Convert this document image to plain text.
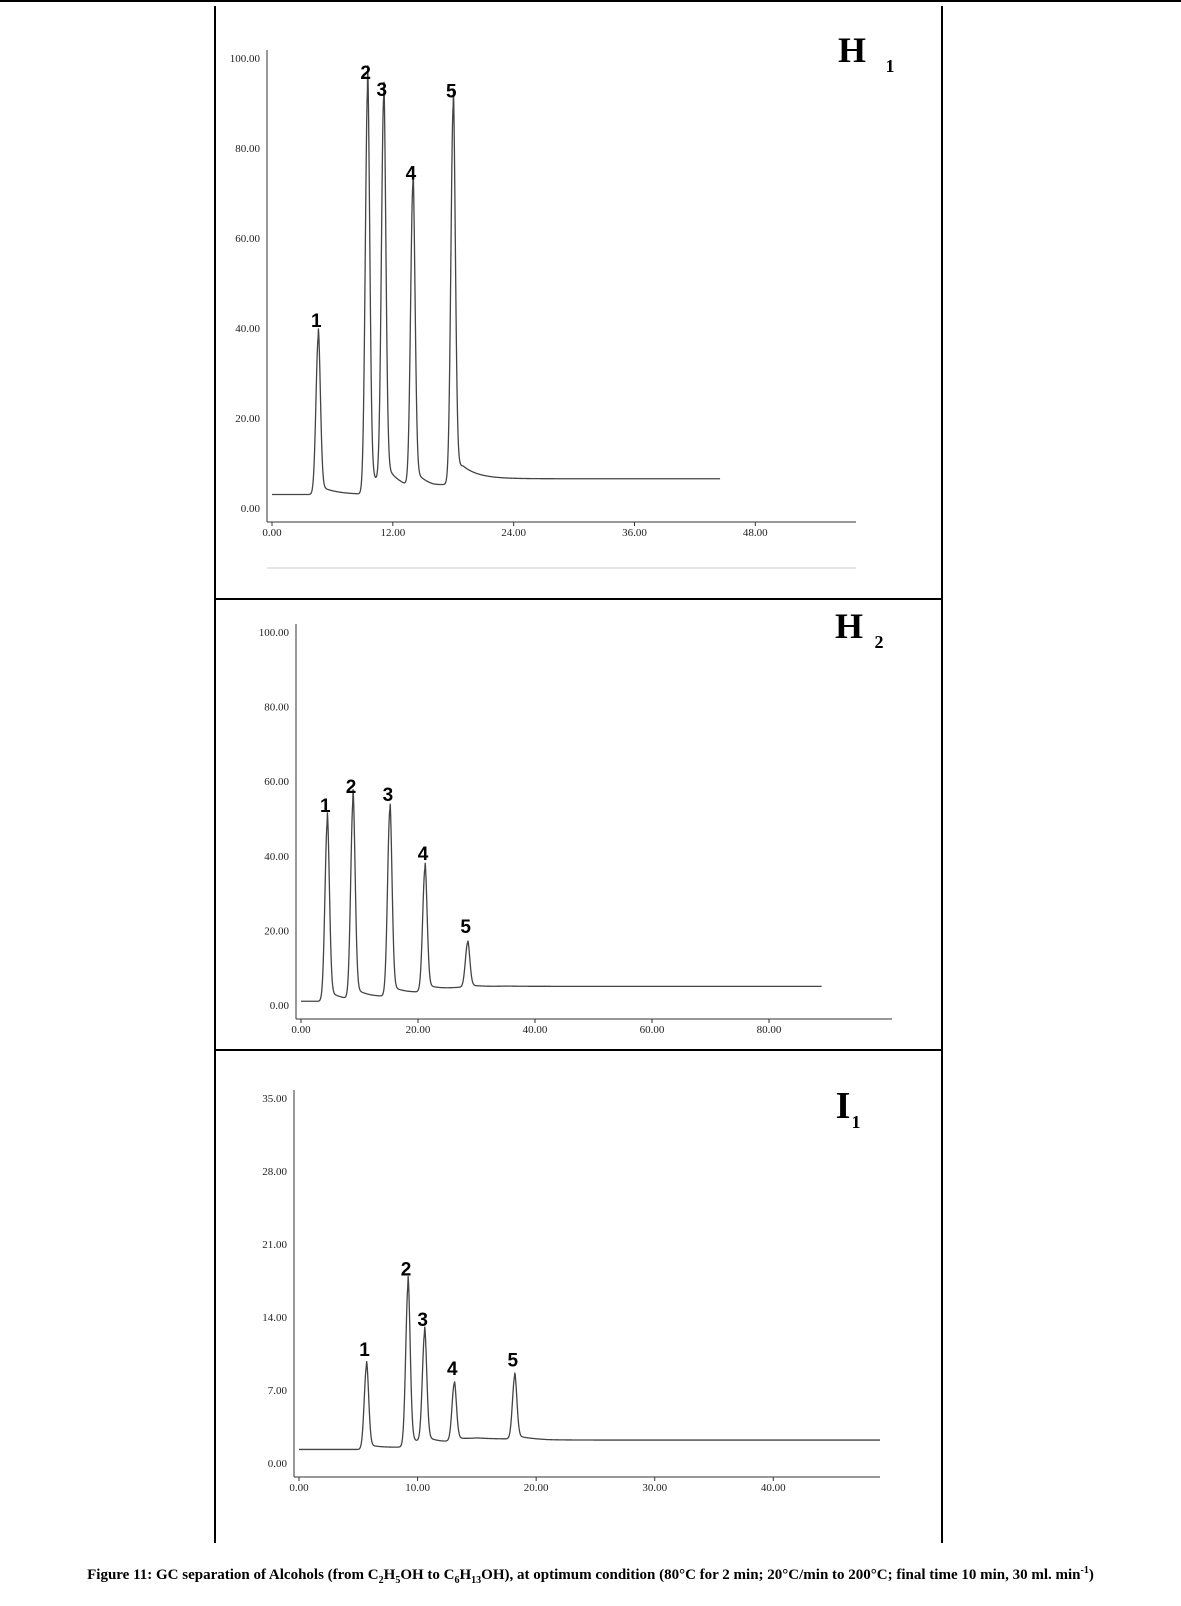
0.00
20.00
40.00
60.00
80.00
100.00
0.00	12.00	24.00	36.00	48.00
1
2
3
4
5
H 1
0.00
20.00
40.00
60.00
80.00
100.00
0.00	20.00	40.00	60.00	80.00
1
2 3
4
5
H 2
0.00
7.00
14.00
21.00
28.00
35.00
0.00	10.00	20.00	30.00	40.00
1
2
3
4	5
I 1
Figure 11: GC separation of Alcohols (from $C_2H_5OH$ to $C_6H_{13}OH$), at optimum condition (80°C for 2 min; 20°C/min to 200°C; final time 10 min, 30 ml. $\min^{-1}$)
